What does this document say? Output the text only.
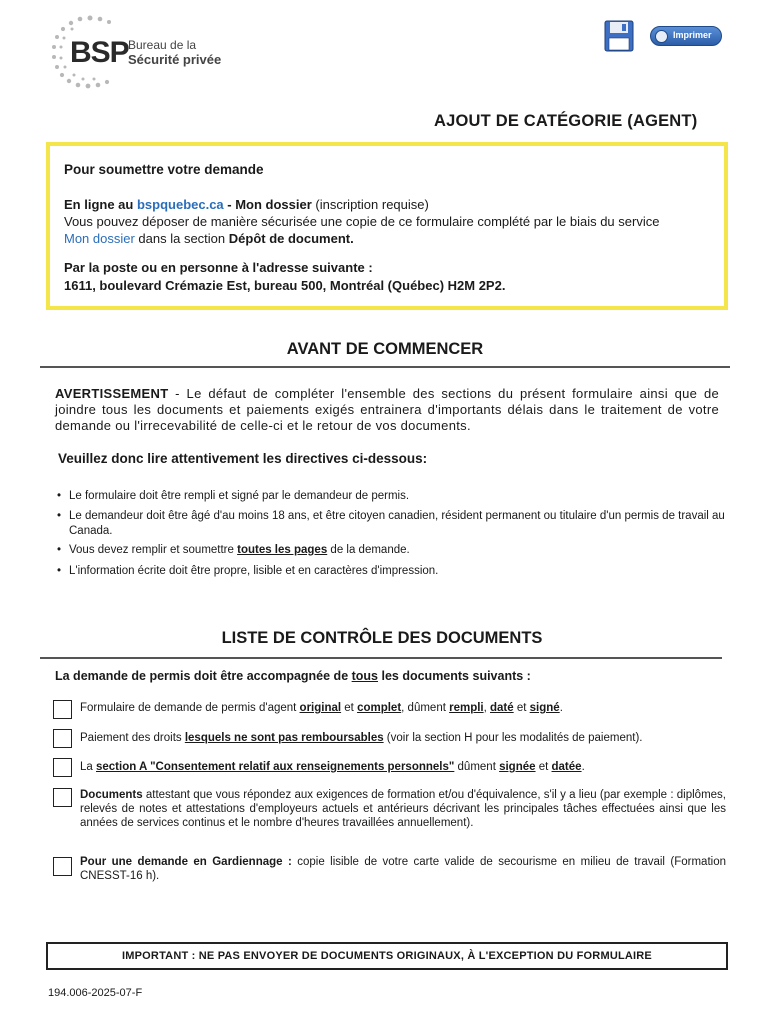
BSP Bureau de la
Sécurité privée
Imprimer
AJOUT DE CATÉGORIE (AGENT)
Pour soumettre votre demande
En ligne au bspquebec.ca - Mon dossier (inscription requise)
Vous pouvez déposer de manière sécurisée une copie de ce formulaire complété par le biais du service
Mon dossier dans la section Dépôt de document.
Par la poste ou en personne à l'adresse suivante :
1611, boulevard Crémazie Est, bureau 500, Montréal (Québec) H2M 2P2.
AVANT DE COMMENCER
AVERTISSEMENT - Le défaut de compléter l'ensemble des sections du présent formulaire ainsi que de joindre tous les documents et paiements exigés entrainera d'importants délais dans le traitement de votre demande ou l'irrecevabilité de celle-ci et le retour de vos documents.
Veuillez donc lire attentivement les directives ci-dessous:
• Le formulaire doit être rempli et signé par le demandeur de permis.
• Le demandeur doit être âgé d'au moins 18 ans, et être citoyen canadien, résident permanent ou titulaire d'un permis de travail au Canada.
• Vous devez remplir et soumettre toutes les pages de la demande.
• L'information écrite doit être propre, lisible et en caractères d'impression.
LISTE DE CONTRÔLE DES DOCUMENTS
La demande de permis doit être accompagnée de tous les documents suivants :
Formulaire de demande de permis d'agent original et complet, dûment rempli, daté et signé.
Paiement des droits lesquels ne sont pas remboursables (voir la section H pour les modalités de paiement).
La section A "Consentement relatif aux renseignements personnels" dûment signée et datée.
Documents attestant que vous répondez aux exigences de formation et/ou d'équivalence, s'il y a lieu (par exemple : diplômes, relevés de notes et attestations d'employeurs actuels et antérieurs décrivant les principales tâches effectuées ainsi que les années de services continus et le nombre d'heures travaillées annuellement).
Pour une demande en Gardiennage : copie lisible de votre carte valide de secourisme en milieu de travail (Formation CNESST-16 h).
IMPORTANT : NE PAS ENVOYER DE DOCUMENTS ORIGINAUX, À L'EXCEPTION DU FORMULAIRE
194.006-2025-07-F
